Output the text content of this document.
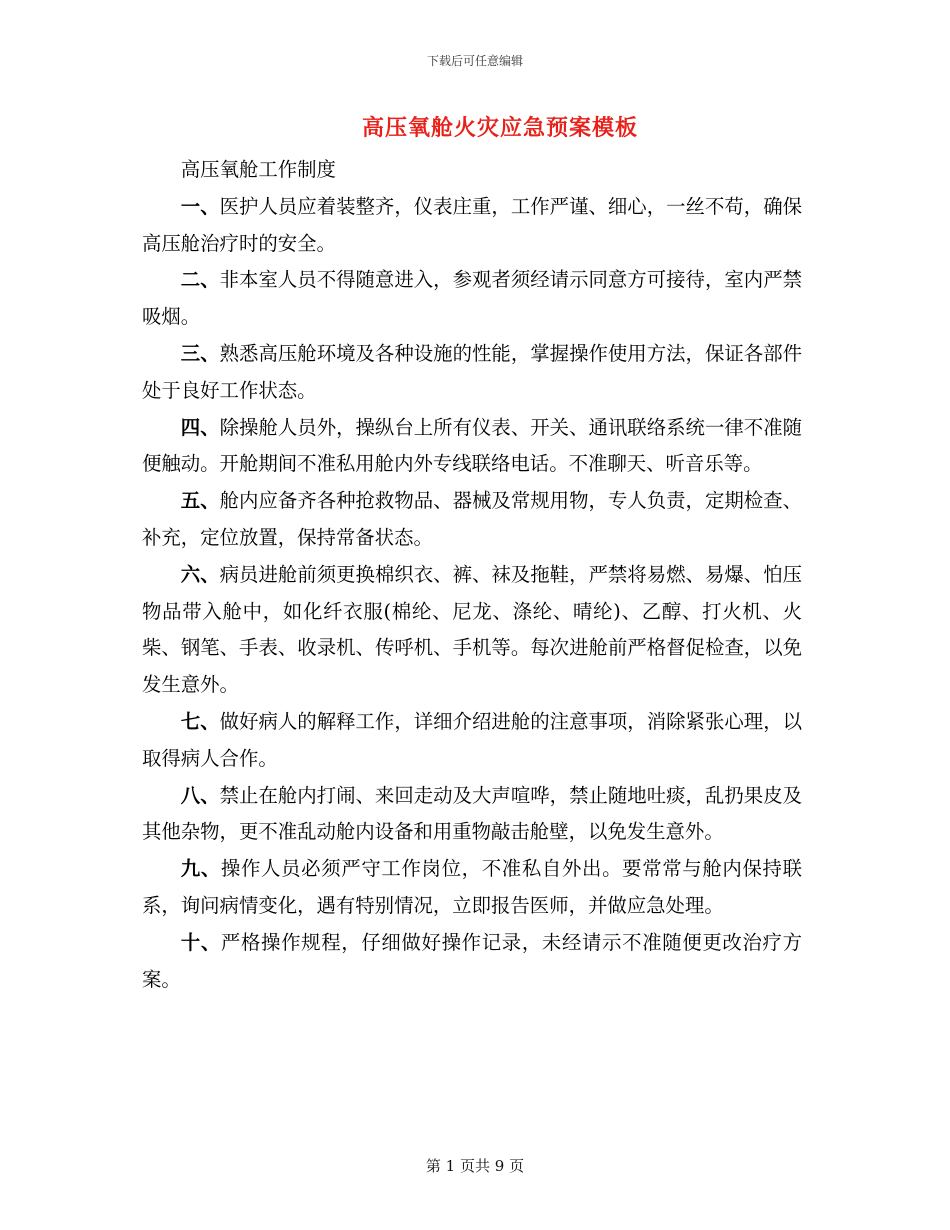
下载后可任意编辑
高压氧舱火灾应急预案模板

高压氧舱工作制度

一、医护人员应着装整齐，仪表庄重，工作严谨、细心，一丝不苟，确保高压舱治疗时的安全。

二、非本室人员不得随意进入，参观者须经请示同意方可接待，室内严禁吸烟。

三、熟悉高压舱环境及各种设施的性能，掌握操作使用方法，保证各部件处于良好工作状态。

四、除操舱人员外，操纵台上所有仪表、开关、通讯联络系统一律不准随便触动。开舱期间不准私用舱内外专线联络电话。不准聊天、听音乐等。

五、舱内应备齐各种抢救物品、器械及常规用物，专人负责，定期检查、补充，定位放置，保持常备状态。

六、病员进舱前须更换棉织衣、裤、袜及拖鞋，严禁将易燃、易爆、怕压物品带入舱中，如化纤衣服(棉纶、尼龙、涤纶、晴纶)、乙醇、打火机、火柴、钢笔、手表、收录机、传呼机、手机等。每次进舱前严格督促检查，以免发生意外。

七、做好病人的解释工作，详细介绍进舱的注意事项，消除紧张心理，以取得病人合作。

八、禁止在舱内打闹、来回走动及大声喧哗，禁止随地吐痰，乱扔果皮及其他杂物，更不准乱动舱内设备和用重物敲击舱壁，以免发生意外。

九、操作人员必须严守工作岗位，不准私自外出。要常常与舱内保持联系，询问病情变化，遇有特别情况，立即报告医师，并做应急处理。

十、严格操作规程，仔细做好操作记录，未经请示不准随便更改治疗方案。

第 1 页共 9 页
